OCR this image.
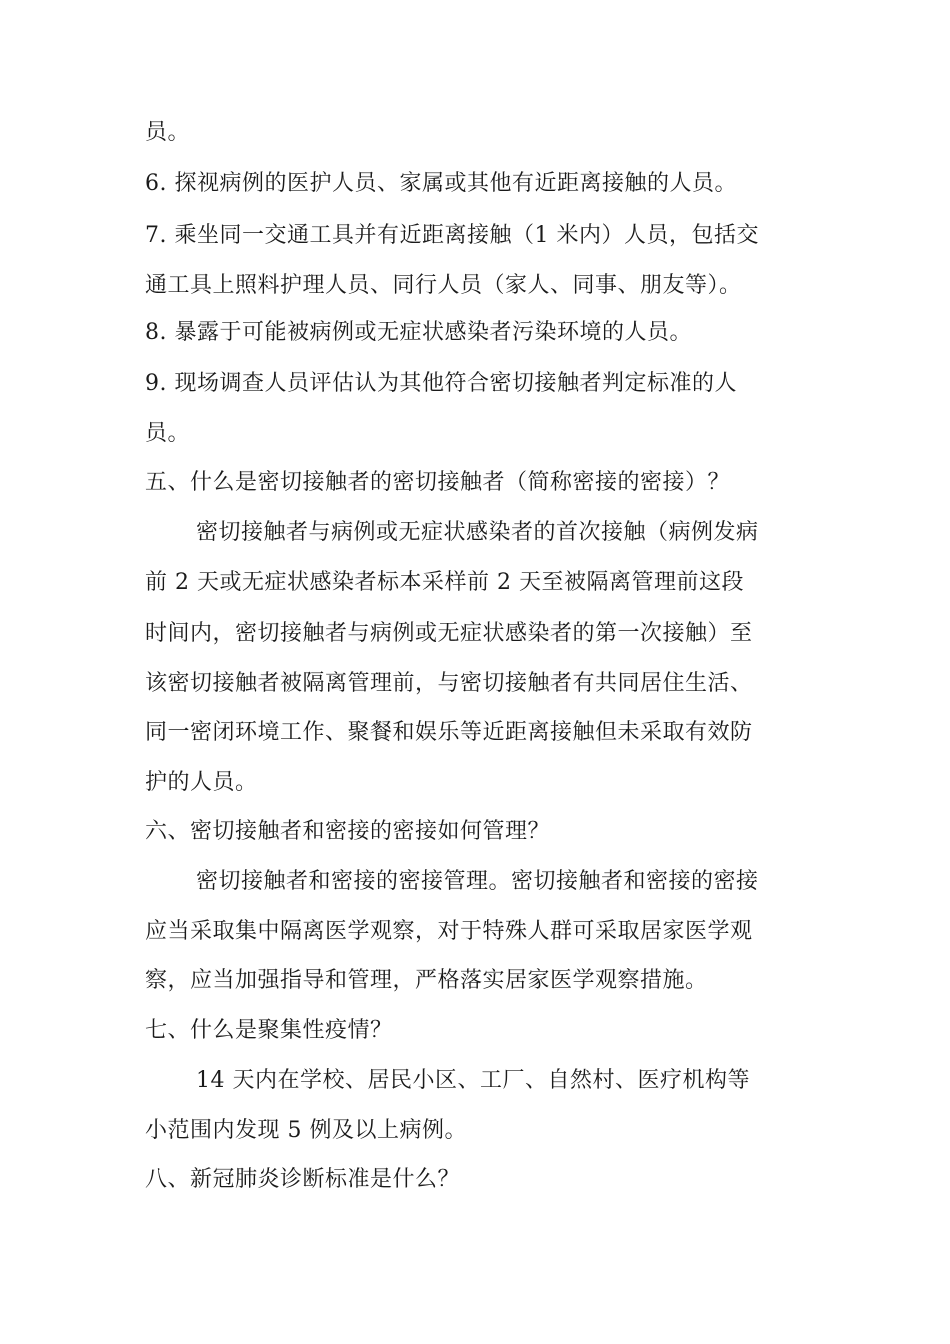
员。
6. 探视病例的医护人员、家属或其他有近距离接触的人员。
7. 乘坐同一交通工具并有近距离接触（1 米内）人员，包括交
通工具上照料护理人员、同行人员（家人、同事、朋友等）。
8. 暴露于可能被病例或无症状感染者污染环境的人员。
9. 现场调查人员评估认为其他符合密切接触者判定标准的人
员。
五、什么是密切接触者的密切接触者（简称密接的密接）？
密切接触者与病例或无症状感染者的首次接触（病例发病
前 2 天或无症状感染者标本采样前 2 天至被隔离管理前这段
时间内，密切接触者与病例或无症状感染者的第一次接触）至
该密切接触者被隔离管理前，与密切接触者有共同居住生活、
同一密闭环境工作、聚餐和娱乐等近距离接触但未采取有效防
护的人员。
六、密切接触者和密接的密接如何管理？
密切接触者和密接的密接管理。密切接触者和密接的密接
应当采取集中隔离医学观察，对于特殊人群可采取居家医学观
察，应当加强指导和管理，严格落实居家医学观察措施。
七、什么是聚集性疫情？
14 天内在学校、居民小区、工厂、自然村、医疗机构等
小范围内发现 5 例及以上病例。
八、新冠肺炎诊断标准是什么？
